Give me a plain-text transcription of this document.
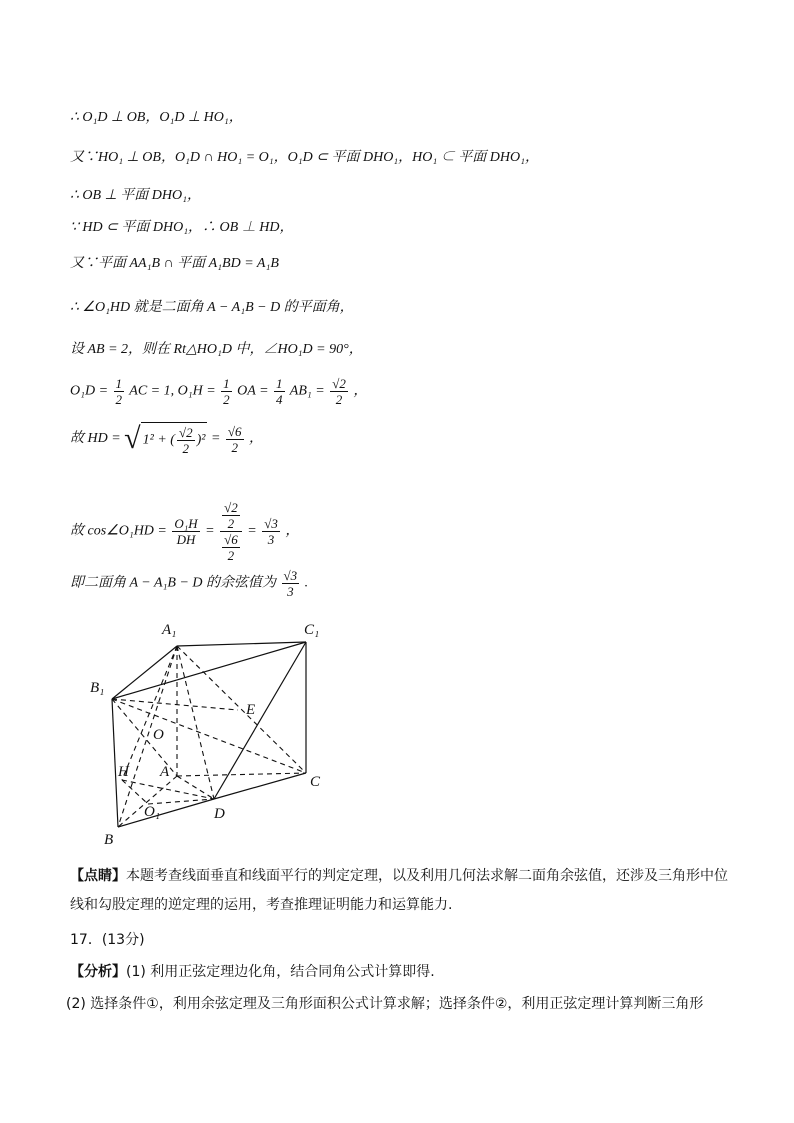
∴ O₁D ⊥ OB，O₁D ⊥ HO₁，
又∵HO₁ ⊥ OB，O₁D ∩ HO₁ = O₁，O₁D ⊂ 平面 DHO₁，HO₁ ⊂ 平面 DHO₁，
∴ OB ⊥ 平面 DHO₁，
∵ HD ⊂ 平面 DHO₁，∴ OB ⊥ HD，
又∵平面 AA₁B ∩ 平面 A₁BD = A₁B
∴ ∠O₁HD 就是二面角 A − A₁B − D 的平面角，
设 AB = 2，则在 Rt△HO₁D 中，∠HO₁D = 90°，
$O_1D = \frac{1}{2}$ AC = 1, $O_1H = \frac{1}{2}$ OA = $\frac{1}{4} AB_1 = \frac{√2}{2}$ ，
故 HD = √ 1² + ( $\frac{√2}{2} )^2 = \frac{√6}{2}$ ，
故 cos∠O₁HD = $\frac{\text{O₁H}}{DH} = \frac{\frac{√2}{2}}{\frac{√6}{2}} = \frac{√3}{3}$ ，
即二面角 A − A₁B − D 的余弦值为 $\frac{√3}{3}$ .
A₁	C₁
B₁
E
O
H A
C
O₁	D
B
【点睛】本题考查线面垂直和线面平行的判定定理，以及利用几何法求解二面角余弦值，还涉及三角形中位线和勾股定理的逆定理的运用，考查推理证明能力和运算能力.
17．(13分)
【分析】(1) 利用正弦定理边化角，结合同角公式计算即得.
(2) 选择条件①，利用余弦定理及三角形面积公式计算求解；选择条件②，利用正弦定理计算判断三角形
